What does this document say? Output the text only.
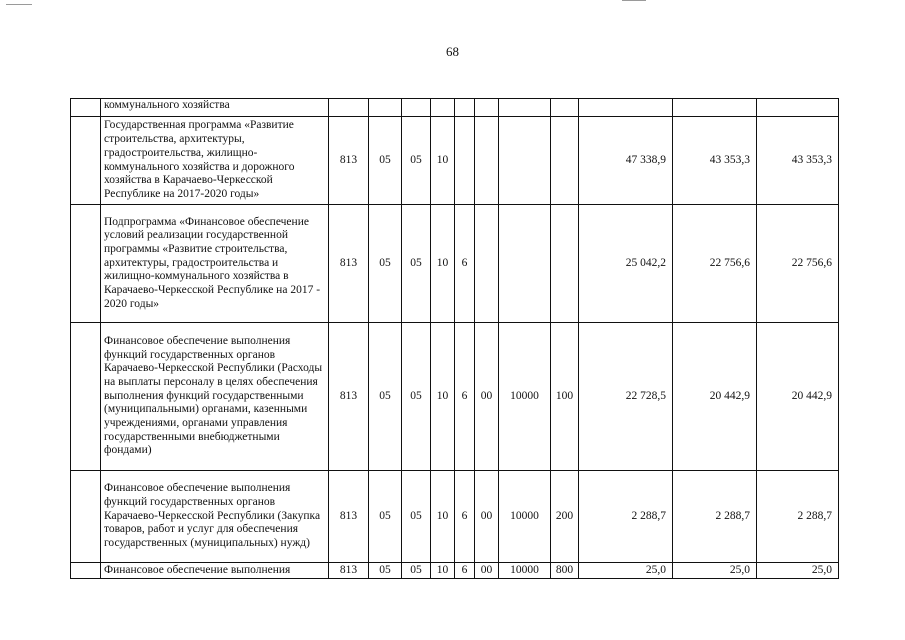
68
	коммунального хозяйства											
	Государственная программа «Развитие строительства, архитектуры, градостроительства, жилищно-коммунального хозяйства и дорожного хозяйства в Карачаево-Черкесской Республике на 2017-2020 годы»	813	05	05	10					47 338,9	43 353,3	43 353,3
	Подпрограмма «Финансовое обеспечение условий реализации государственной программы «Развитие строительства, архитектуры, градостроительства и жилищно-коммунального хозяйства в Карачаево-Черкесской Республике на 2017 - 2020 годы»	813	05	05	10	6				25 042,2	22 756,6	22 756,6
	Финансовое обеспечение выполнения функций государственных органов Карачаево-Черкесской Республики (Расходы на выплаты персоналу в целях обеспечения выполнения функций государственными (муниципальными) органами, казенными учреждениями, органами управления государственными внебюджетными фондами)	813	05	05	10	6	00	10000	100	22 728,5	20 442,9	20 442,9
	Финансовое обеспечение выполнения функций государственных органов Карачаево-Черкесской Республики (Закупка товаров, работ и услуг для обеспечения государственных (муниципальных) нужд)	813	05	05	10	6	00	10000	200	2 288,7	2 288,7	2 288,7
	Финансовое обеспечение выполнения	813	05	05	10	6	00	10000	800	25,0	25,0	25,0
